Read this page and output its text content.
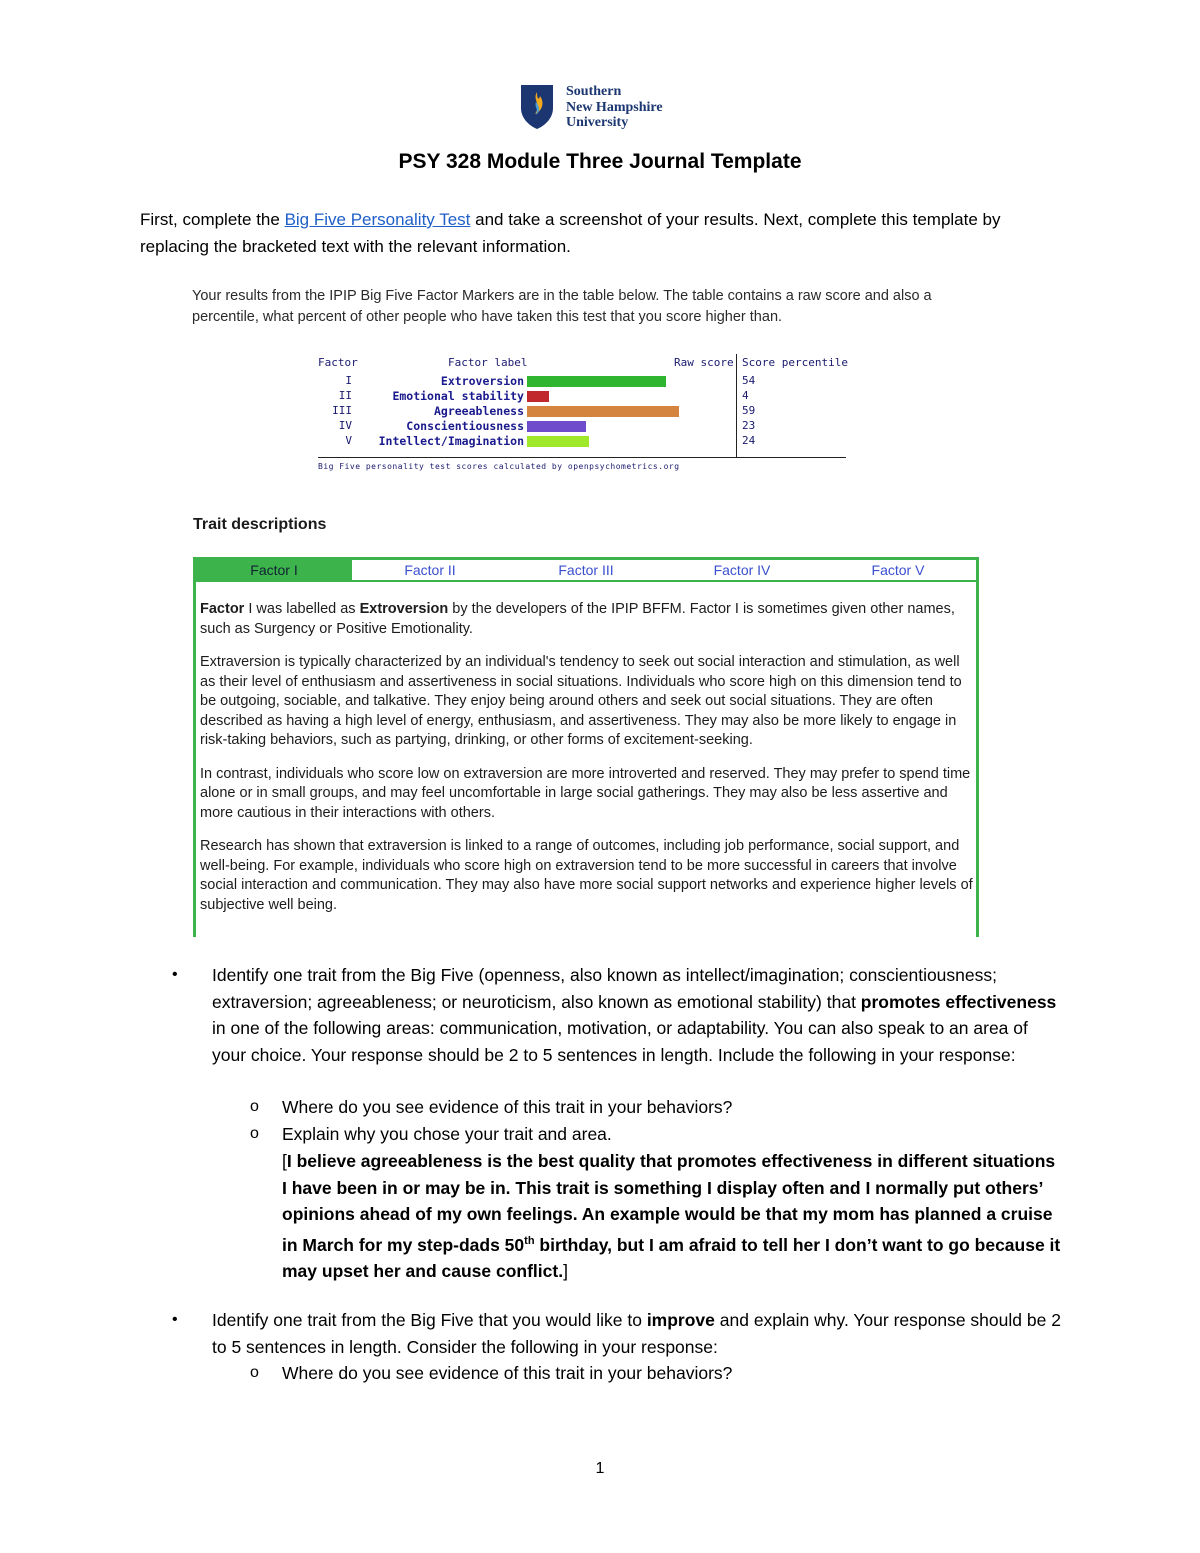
Southern
New Hampshire
University
PSY 328 Module Three Journal Template
First, complete the Big Five Personality Test and take a screenshot of your results. Next, complete this template by replacing the bracketed text with the relevant information.
Your results from the IPIP Big Five Factor Markers are in the table below. The table contains a raw score and also a percentile, what percent of other people who have taken this test that you score higher than.
Factor	Factor label	Raw score Score percentile
I	Extroversion	54
II	Emotional stability	4
III	Agreeableness	59
IV	Conscientiousness	23
V Intellect/Imagination	24
Big Five personality test scores calculated by openpsychometrics.org
Trait descriptions
Factor I	Factor II	Factor III	Factor IV	Factor V

Factor I was labelled as Extroversion by the developers of the IPIP BFFM. Factor I is sometimes given other names, such as Surgency or Positive Emotionality.

Extraversion is typically characterized by an individual's tendency to seek out social interaction and stimulation, as well as their level of enthusiasm and assertiveness in social situations. Individuals who score high on this dimension tend to be outgoing, sociable, and talkative. They enjoy being around others and seek out social situations. They are often described as having a high level of energy, enthusiasm, and assertiveness. They may also be more likely to engage in risk-taking behaviors, such as partying, drinking, or other forms of excitement-seeking.

In contrast, individuals who score low on extraversion are more introverted and reserved. They may prefer to spend time alone or in small groups, and may feel uncomfortable in large social gatherings. They may also be less assertive and more cautious in their interactions with others.

Research has shown that extraversion is linked to a range of outcomes, including job performance, social support, and well-being. For example, individuals who score high on extraversion tend to be more successful in careers that involve social interaction and communication. They may also have more social support networks and experience higher levels of subjective well being.

• Identify one trait from the Big Five (openness, also known as intellect/imagination; conscientiousness; extraversion; agreeableness; or neuroticism, also known as emotional stability) that promotes effectiveness in one of the following areas: communication, motivation, or adaptability. You can also speak to an area of your choice. Your response should be 2 to 5 sentences in length. Include the following in your response:
o Where do you see evidence of this trait in your behaviors?
o Explain why you chose your trait and area.
[I believe agreeableness is the best quality that promotes effectiveness in different situations I have been in or may be in. This trait is something I display often and I normally put others’ opinions ahead of my own feelings. An example would be that my mom has planned a cruise in March for my step-dads 50th birthday, but I am afraid to tell her I don’t want to go because it may upset her and cause conflict.]
• Identify one trait from the Big Five that you would like to improve and explain why. Your response should be 2 to 5 sentences in length. Consider the following in your response:
o Where do you see evidence of this trait in your behaviors?
1
